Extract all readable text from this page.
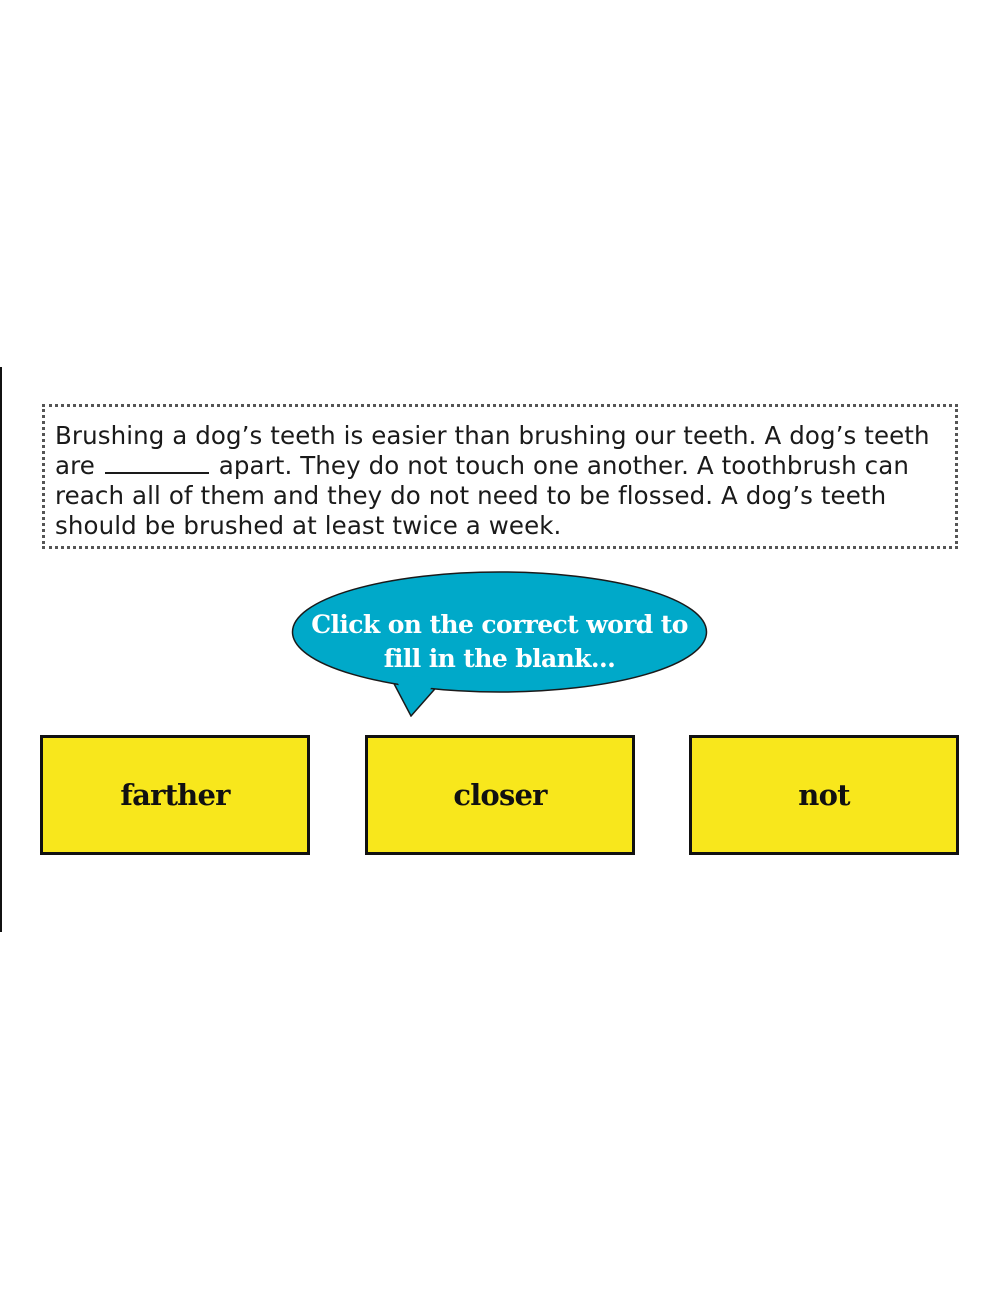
Brushing a dog’s teeth is easier than brushing our teeth. A dog’s teeth
are	apart. They do not touch one another. A toothbrush can
reach all of them and they do not need to be flossed. A dog’s teeth
should be brushed at least twice a week.

Click on the correct word to
fill in the blank...
farther	closer	not
